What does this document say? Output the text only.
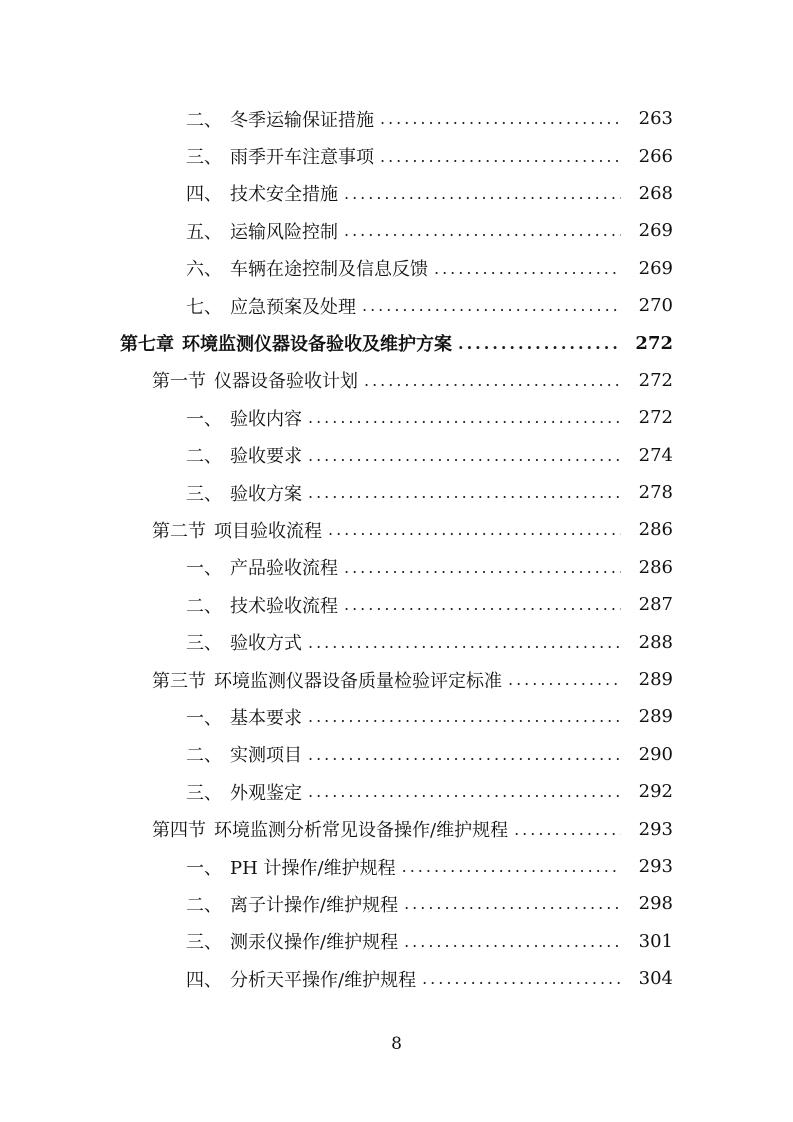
二、 冬季运输保证措施 .....	263
三、 雨季开车注意事项 .....	266
四、 技术安全措施 .....	268
五、 运输风险控制 .....	269
六、 车辆在途控制及信息反馈 .....	269
七、 应急预案及处理 .....	270
第七章 环境监测仪器设备验收及维护方案 .....	272
第一节 仪器设备验收计划 .....	272
一、 验收内容 .....	272
二、 验收要求 .....	274
三、 验收方案 .....	278
第二节 项目验收流程 .....	286
一、 产品验收流程 .....	286
二、 技术验收流程 .....	287
三、 验收方式 .....	288
第三节 环境监测仪器设备质量检验评定标准 .....	289
一、 基本要求 .....	289
二、 实测项目 .....	290
三、 外观鉴定 .....	292
第四节 环境监测分析常见设备操作/维护规程 .....	293
一、 PH 计操作/维护规程 .....	293
二、 离子计操作/维护规程 .....	298
三、 测汞仪操作/维护规程 .....	301
四、 分析天平操作/维护规程 .....	304
8
